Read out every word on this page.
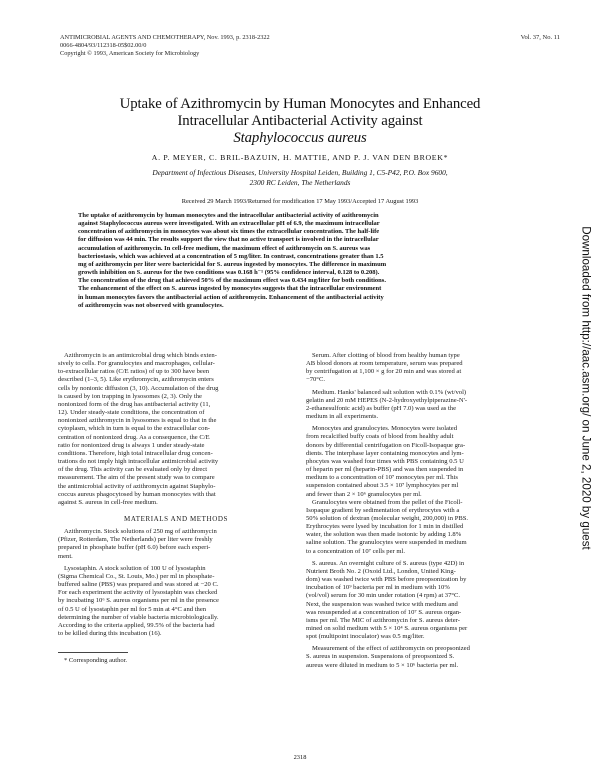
ANTIMICROBIAL AGENTS AND CHEMOTHERAPY, Nov. 1993, p. 2318-2322
0066-4804/93/112318-05$02.00/0
Copyright © 1993, American Society for Microbiology
Vol. 37, No. 11
Uptake of Azithromycin by Human Monocytes and Enhanced
Intracellular Antibacterial Activity against
Staphylococcus aureus
A. P. MEYER, C. BRIL-BAZUIN, H. MATTIE, AND P. J. VAN DEN BROEK*
Department of Infectious Diseases, University Hospital Leiden, Building 1, C5-P42, P.O. Box 9600,
2300 RC Leiden, The Netherlands
Received 29 March 1993/Returned for modification 17 May 1993/Accepted 17 August 1993
The uptake of azithromycin by human monocytes and the intracellular antibacterial activity of azithromycin
against Staphylococcus aureus were investigated. With an extracellular pH of 6.9, the maximum intracellular
concentration of azithromycin in monocytes was about six times the extracellular concentration. The half-life
for diffusion was 44 min. The results support the view that no active transport is involved in the intracellular
accumulation of azithromycin. In cell-free medium, the maximum effect of azithromycin on S. aureus was
bacteriostasis, which was achieved at a concentration of 5 mg/liter. In contrast, concentrations greater than 1.5
mg of azithromycin per liter were bactericidal for S. aureus ingested by monocytes. The difference in maximum
growth inhibition on S. aureus for the two conditions was 0.168 h⁻¹ (95% confidence interval, 0.128 to 0.208).
The concentration of the drug that achieved 50% of the maximum effect was 0.434 mg/liter for both conditions.
The enhancement of the effect on S. aureus ingested by monocytes suggests that the intracellular environment
in human monocytes favors the antibacterial action of azithromycin. Enhancement of the antibacterial activity
of azithromycin was not observed with granulocytes.
Azithromycin is an antimicrobial drug which binds exten-
sively to cells. For granulocytes and macrophages, cellular-
to-extracellular ratios (C/E ratios) of up to 300 have been
described (1–3, 5). Like erythromycin, azithromycin enters
cells by nonionic diffusion (3, 10). Accumulation of the drug
is caused by ion trapping in lysosomes (2, 3). Only the
nonionized form of the drug has antibacterial activity (11,
12). Under steady-state conditions, the concentration of
nonionized azithromycin in lysosomes is equal to that in the
cytoplasm, which in turn is equal to the extracellular con-
centration of nonionized drug. As a consequence, the C/E
ratio for nonionized drug is always 1 under steady-state
conditions. Therefore, high total intracellular drug concen-
trations do not imply high intracellular antimicrobial activity
of the drug. This activity can be evaluated only by direct
measurement. The aim of the present study was to compare
the antimicrobial activity of azithromycin against Staphylo-
coccus aureus phagocytosed by human monocytes with that
against S. aureus in cell-free medium.
MATERIALS AND METHODS
Azithromycin. Stock solutions of 250 mg of azithromycin
(Pfizer, Rotterdam, The Netherlands) per liter were freshly
prepared in phosphate buffer (pH 6.0) before each experi-
ment.
Lysostaphin. A stock solution of 100 U of lysostaphin
(Sigma Chemical Co., St. Louis, Mo.) per ml in phosphate-
buffered saline (PBS) was prepared and was stored at −20 C.
For each experiment the activity of lysostaphin was checked
by incubating 10⁶ S. aureus organisms per ml in the presence
of 0.5 U of lysostaphin per ml for 5 min at 4°C and then
determining the number of viable bacteria microbiologically.
According to the criteria applied, 99.5% of the bacteria had
to be killed during this incubation (16).
* Corresponding author.
Serum. After clotting of blood from healthy human type
AB blood donors at room temperature, serum was prepared
by centrifugation at 1,100 × g for 20 min and was stored at
−70°C.
Medium. Hanks' balanced salt solution with 0.1% (wt/vol)
gelatin and 20 mM HEPES (N-2-hydroxyethylpiperazine-N'-
2-ethanesulfonic acid) as buffer (pH 7.0) was used as the
medium in all experiments.
Monocytes and granulocytes. Monocytes were isolated
from recalcified buffy coats of blood from healthy adult
donors by differential centrifugation on Ficoll-Isopaque gra-
dients. The interphase layer containing monocytes and lym-
phocytes was washed four times with PBS containing 0.5 U
of heparin per ml (heparin-PBS) and was then suspended in
medium to a concentration of 10⁷ monocytes per ml. This
suspension contained about 3.5 × 10⁷ lymphocytes per ml
and fewer than 2 × 10⁶ granulocytes per ml.
Granulocytes were obtained from the pellet of the Ficoll-
Isopaque gradient by sedimentation of erythrocytes with a
50% solution of dextran (molecular weight, 200,000) in PBS.
Erythrocytes were lysed by incubation for 1 min in distilled
water, the solution was then made isotonic by adding 1.8%
saline solution. The granulocytes were suspended in medium
to a concentration of 10⁷ cells per ml.
S. aureus. An overnight culture of S. aureus (type 42D) in
Nutrient Broth No. 2 (Oxoid Ltd., London, United King-
dom) was washed twice with PBS before preopsonization by
incubation of 10⁹ bacteria per ml in medium with 10%
(vol/vol) serum for 30 min under rotation (4 rpm) at 37°C.
Next, the suspension was washed twice with medium and
was resuspended at a concentration of 10⁷ S. aureus organ-
isms per ml. The MIC of azithromycin for S. aureus deter-
mined on solid medium with 5 × 10⁴ S. aureus organisms per
spot (multipoint inoculator) was 0.5 mg/liter.
Measurement of the effect of azithromycin on preopsonized
S. aureus in suspension. Suspensions of preopsonized S.
aureus were diluted in medium to 5 × 10⁶ bacteria per ml.
2318
Downloaded from http://aac.asm.org/ on June 2, 2020 by guest
